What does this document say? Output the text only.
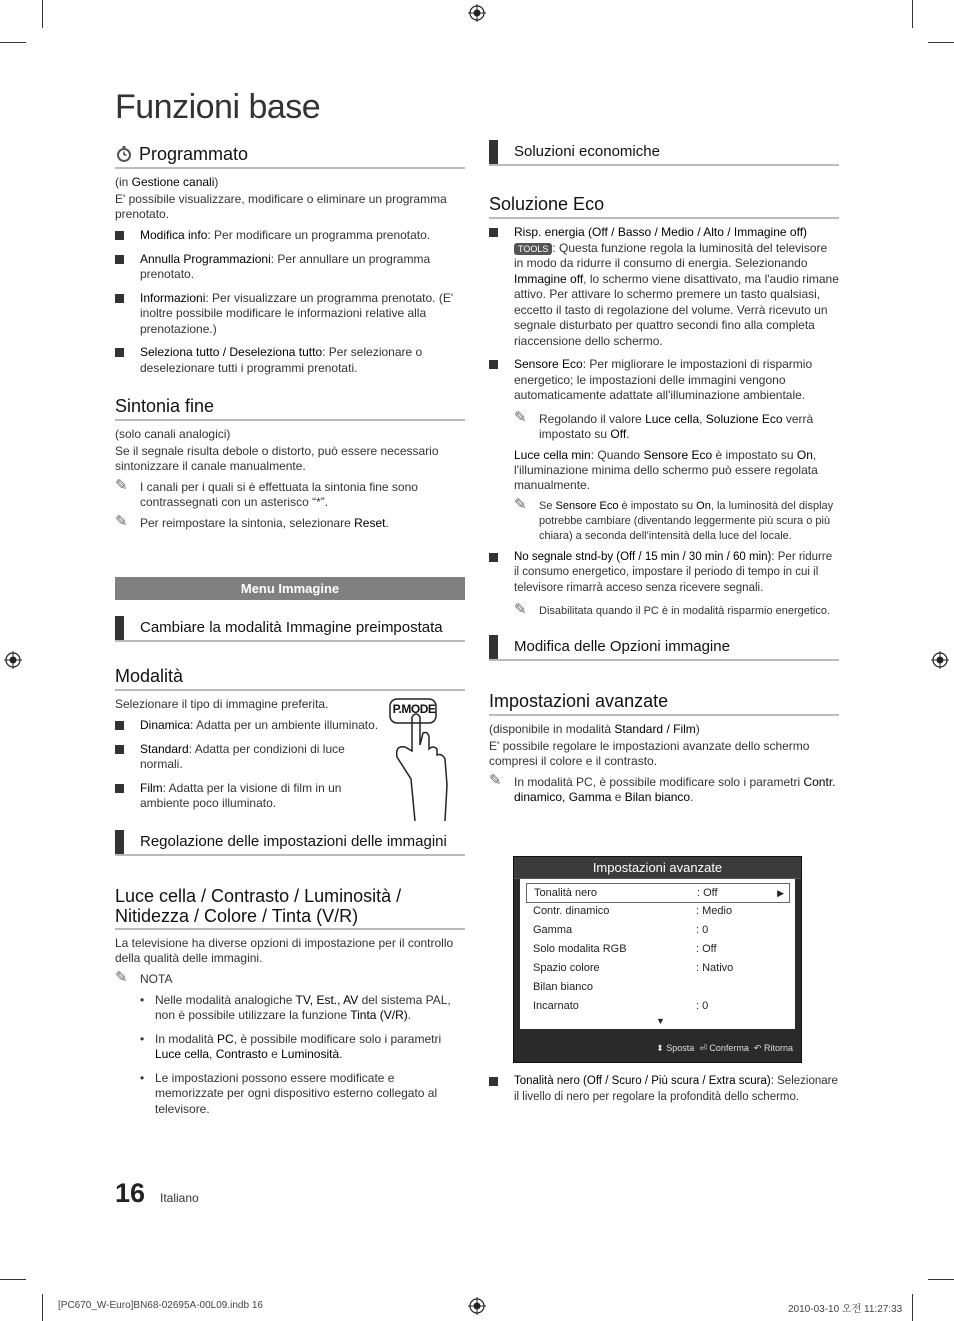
Funzioni base
Programmato
(in Gestione canali)
E' possibile visualizzare, modificare o eliminare un programma prenotato.
Modifica info: Per modificare un programma prenotato.
Annulla Programmazioni: Per annullare un programma prenotato.
Informazioni: Per visualizzare un programma prenotato. (E' inoltre possibile modificare le informazioni relative alla prenotazione.)
Seleziona tutto / Deseleziona tutto: Per selezionare o deselezionare tutti i programmi prenotati.
Sintonia fine
(solo canali analogici)
Se il segnale risulta debole o distorto, può essere necessario sintonizzare il canale manualmente.
✎ I canali per i quali si è effettuata la sintonia fine sono contrassegnati con un asterisco “*”.
✎ Per reimpostare la sintonia, selezionare Reset.
Menu Immagine
Cambiare la modalità Immagine preimpostata
Modalità
Selezionare il tipo di immagine preferita.
Dinamica: Adatta per un ambiente illuminato.
Standard: Adatta per condizioni di luce normali.
Film: Adatta per la visione di film in un ambiente poco illuminato.
P.MODE
Regolazione delle impostazioni delle immagini
Luce cella / Contrasto / Luminosità / Nitidezza / Colore / Tinta (V/R)
La televisione ha diverse opzioni di impostazione per il controllo della qualità delle immagini.
✎ NOTA
• Nelle modalità analogiche TV, Est., AV del sistema PAL, non è possibile utilizzare la funzione Tinta (V/R).
• In modalità PC, è possibile modificare solo i parametri Luce cella, Contrasto e Luminosità.
• Le impostazioni possono essere modificate e memorizzate per ogni dispositivo esterno collegato al televisore.
Soluzioni economiche
Soluzione Eco
Risp. energia (Off / Basso / Medio / Alto / Immagine off) TOOLS : Questa funzione regola la luminosità del televisore in modo da ridurre il consumo di energia. Selezionando Immagine off, lo schermo viene disattivato, ma l'audio rimane attivo. Per attivare lo schermo premere un tasto qualsiasi, eccetto il tasto di regolazione del volume. Verrà ricevuto un segnale disturbato per quattro secondi fino alla completa riaccensione dello schermo.
Sensore Eco: Per migliorare le impostazioni di risparmio energetico; le impostazioni delle immagini vengono automaticamente adattate all'illuminazione ambientale.
✎ Regolando il valore Luce cella, Soluzione Eco verrà impostato su Off.
Luce cella min: Quando Sensore Eco è impostato su On, l'illuminazione minima dello schermo può essere regolata manualmente.
✎ Se Sensore Eco è impostato su On, la luminosità del display potrebbe cambiare (diventando leggermente più scura o più chiara) a seconda dell'intensità della luce del locale.
No segnale stnd-by (Off / 15 min / 30 min / 60 min): Per ridurre il consumo energetico, impostare il periodo di tempo in cui il televisore rimarrà acceso senza ricevere segnali.
✎ Disabilitata quando il PC è in modalità risparmio energetico.
Modifica delle Opzioni immagine
Impostazioni avanzate
(disponibile in modalità Standard / Film)
E' possibile regolare le impostazioni avanzate dello schermo compresi il colore e il contrasto.
✎ In modalità PC, è possibile modificare solo i parametri Contr. dinamico, Gamma e Bilan bianco.
Impostazioni avanzate
Tonalità nero	: Off	▶
Contr. dinamico	: Medio
Gamma	: 0
Solo modalita RGB	: Off
Spazio colore	: Nativo
Bilan bianco
Incarnato	: 0
▼
⬍ Sposta ⏎ Conferma ↶ Ritorna
Tonalità nero (Off / Scuro / Più scura / Extra scura): Selezionare il livello di nero per regolare la profondità dello schermo.
16 Italiano
[PC670_W-Euro]BN68-02695A-00L09.indb 16	2010-03-10 오전 11:27:33
